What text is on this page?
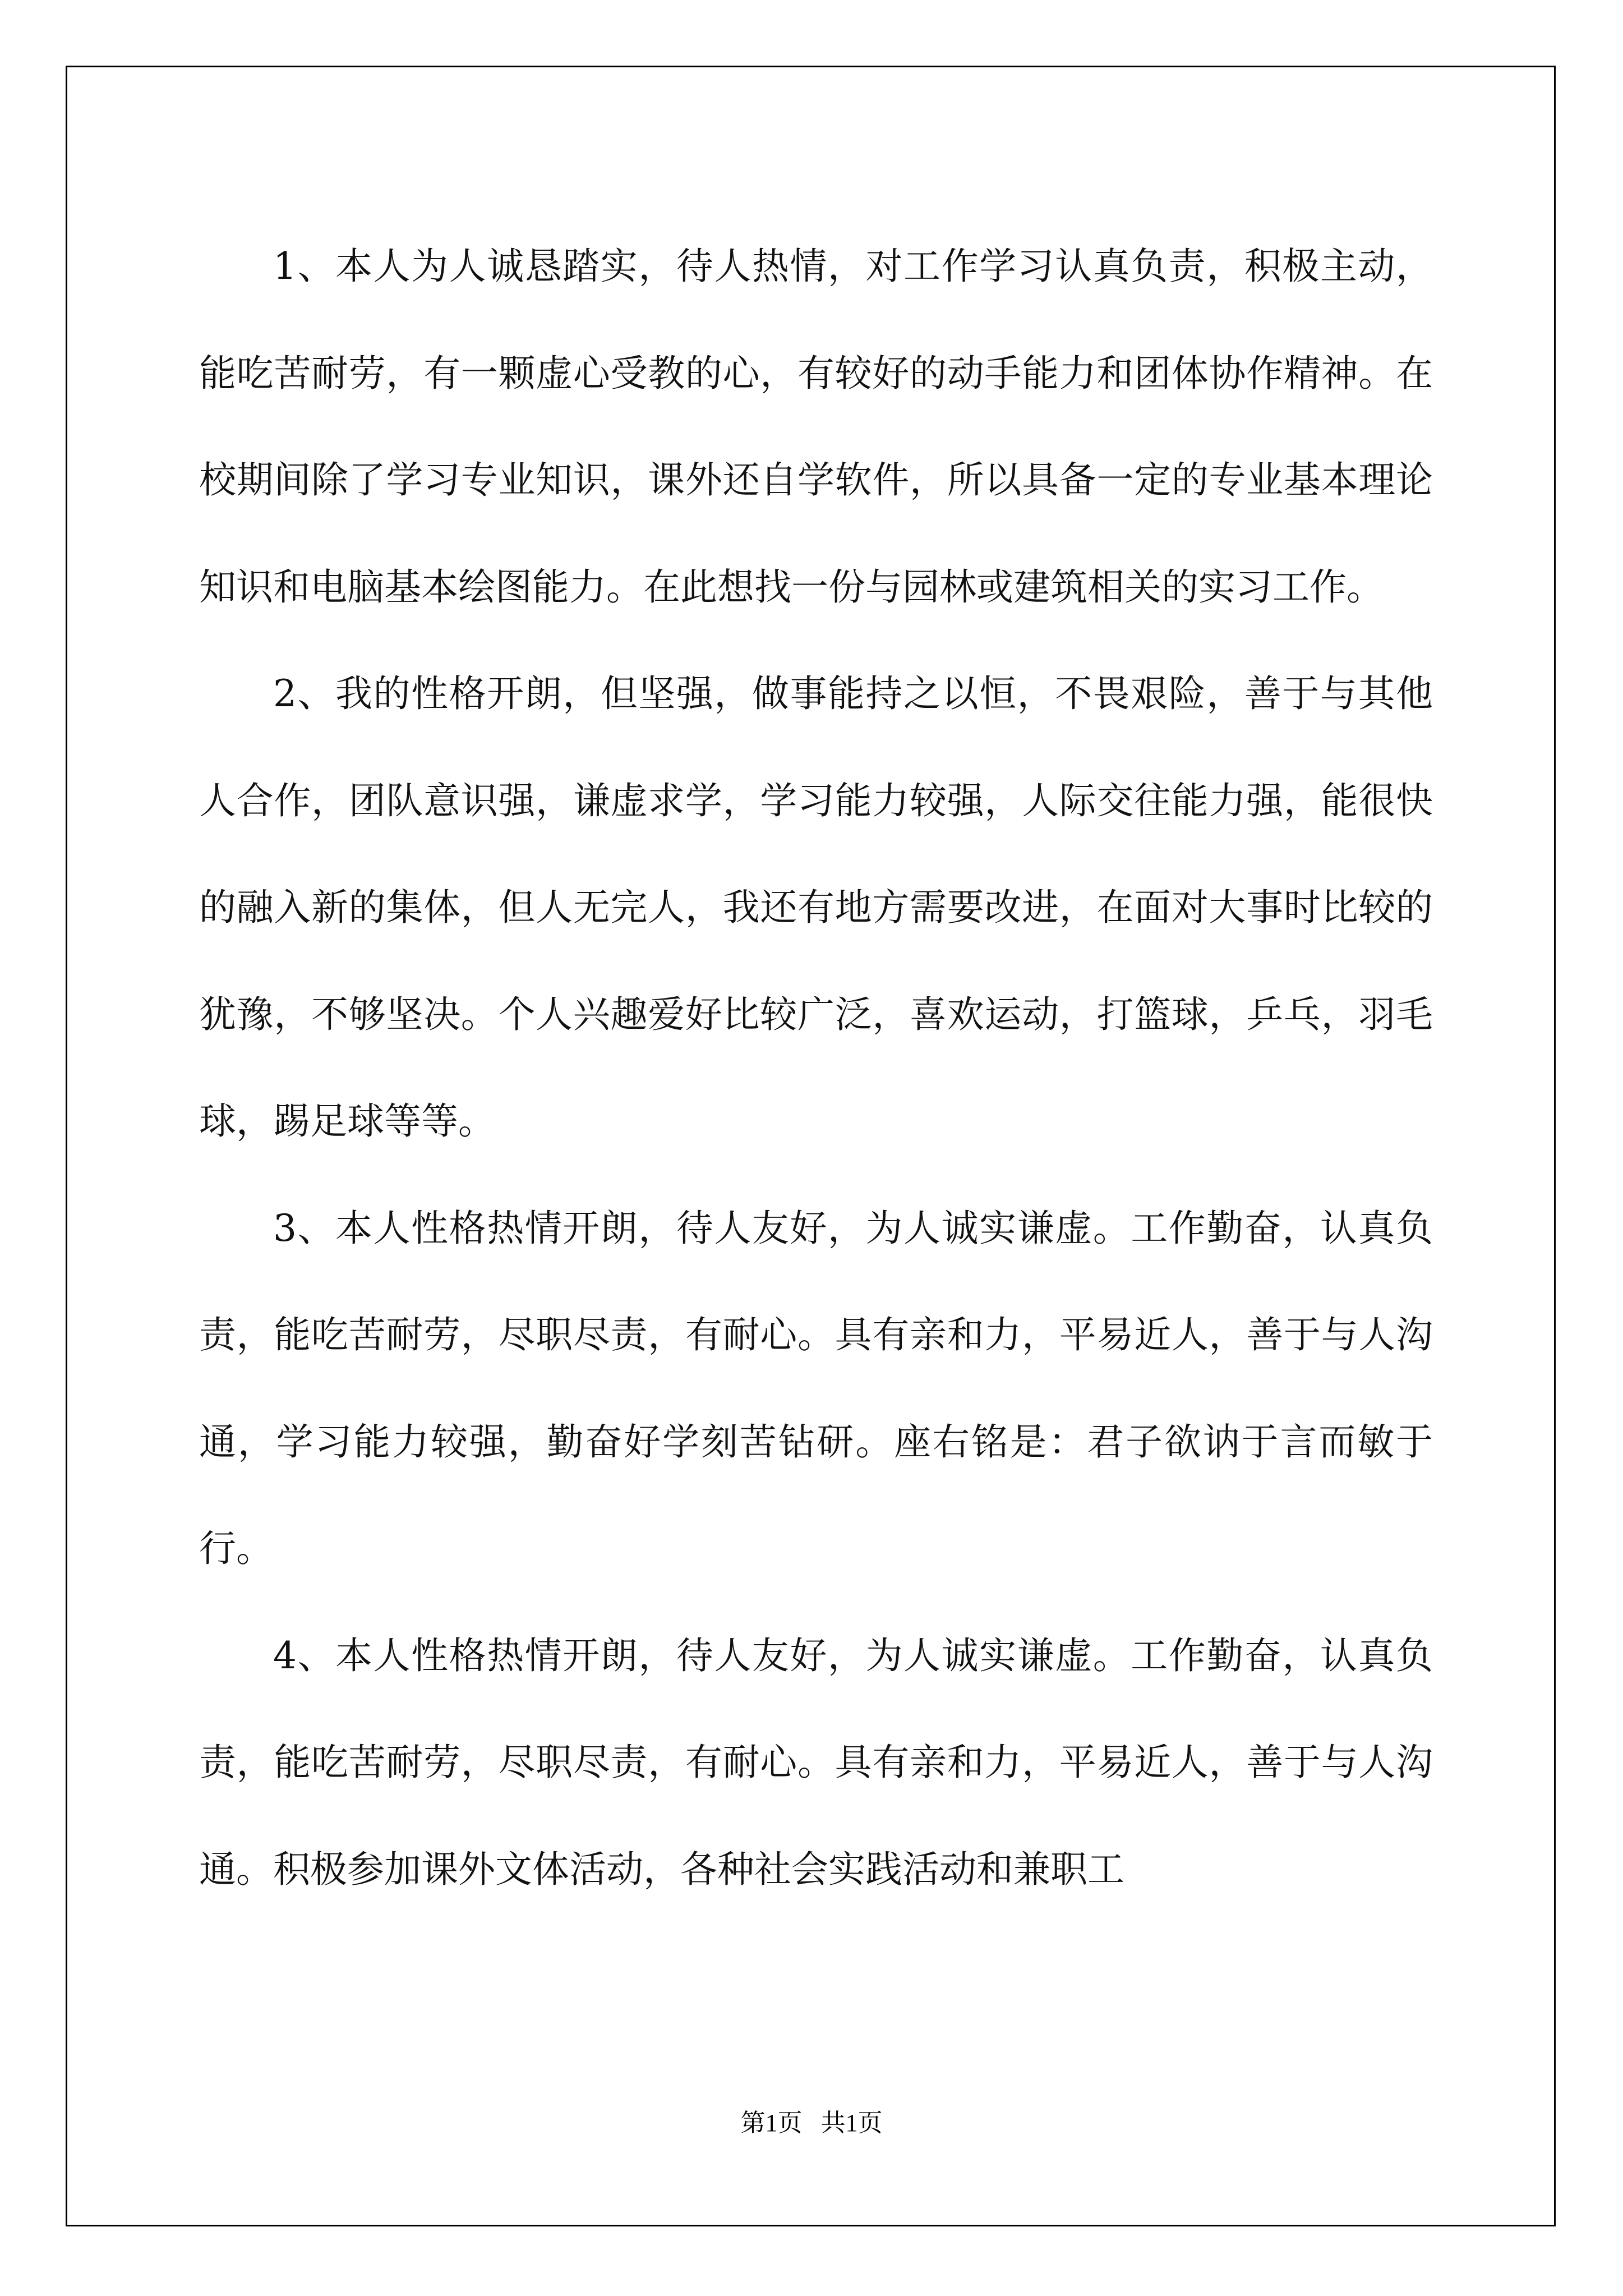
1、本人为人诚恳踏实，待人热情，对工作学习认真负责，积极主动，能吃苦耐劳，有一颗虚心受教的心，有较好的动手能力和团体协作精神。在校期间除了学习专业知识，课外还自学软件，所以具备一定的专业基本理论知识和电脑基本绘图能力。在此想找一份与园林或建筑相关的实习工作。

2、我的性格开朗，但坚强，做事能持之以恒，不畏艰险，善于与其他人合作，团队意识强，谦虚求学，学习能力较强，人际交往能力强，能很快的融入新的集体，但人无完人，我还有地方需要改进，在面对大事时比较的犹豫，不够坚决。个人兴趣爱好比较广泛，喜欢运动，打篮球，乒乓，羽毛球，踢足球等等。

3、本人性格热情开朗，待人友好，为人诚实谦虚。工作勤奋，认真负责，能吃苦耐劳，尽职尽责，有耐心。具有亲和力，平易近人，善于与人沟通，学习能力较强，勤奋好学刻苦钻研。座右铭是：君子欲讷于言而敏于行。

4、本人性格热情开朗，待人友好，为人诚实谦虚。工作勤奋，认真负责，能吃苦耐劳，尽职尽责，有耐心。具有亲和力，平易近人，善于与人沟通。积极参加课外文体活动，各种社会实践活动和兼职工

第1页 共1页
